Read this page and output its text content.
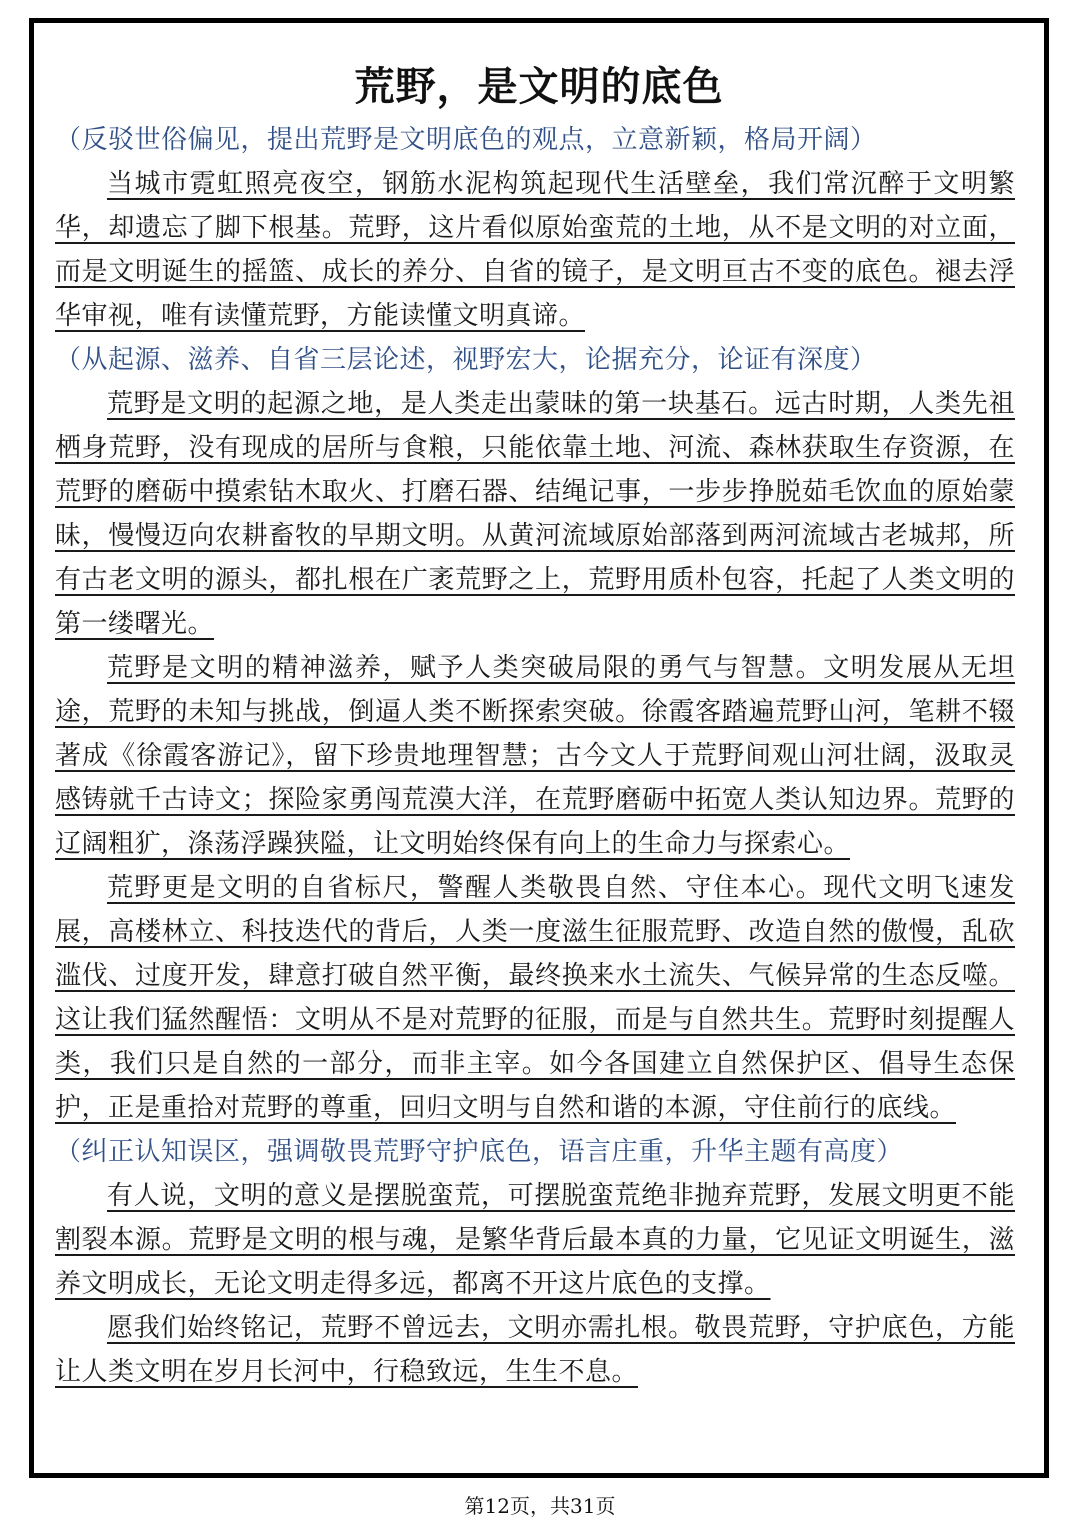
荒野，是文明的底色
（反驳世俗偏见，提出荒野是文明底色的观点，立意新颖，格局开阔）
当城市霓虹照亮夜空，钢筋水泥构筑起现代生活壁垒，我们常沉醉于文明繁华，却遗忘了脚下根基。荒野，这片看似原始蛮荒的土地，从不是文明的对立面，而是文明诞生的摇篮、成长的养分、自省的镜子，是文明亘古不变的底色。褪去浮华审视，唯有读懂荒野，方能读懂文明真谛。
（从起源、滋养、自省三层论述，视野宏大，论据充分，论证有深度）
荒野是文明的起源之地，是人类走出蒙昧的第一块基石。远古时期，人类先祖栖身荒野，没有现成的居所与食粮，只能依靠土地、河流、森林获取生存资源，在荒野的磨砺中摸索钻木取火、打磨石器、结绳记事，一步步挣脱茹毛饮血的原始蒙昧，慢慢迈向农耕畜牧的早期文明。从黄河流域原始部落到两河流域古老城邦，所有古老文明的源头，都扎根在广袤荒野之上，荒野用质朴包容，托起了人类文明的第一缕曙光。
荒野是文明的精神滋养，赋予人类突破局限的勇气与智慧。文明发展从无坦途，荒野的未知与挑战，倒逼人类不断探索突破。徐霞客踏遍荒野山河，笔耕不辍著成《徐霞客游记》，留下珍贵地理智慧；古今文人于荒野间观山河壮阔，汲取灵感铸就千古诗文；探险家勇闯荒漠大洋，在荒野磨砺中拓宽人类认知边界。荒野的辽阔粗犷，涤荡浮躁狭隘，让文明始终保有向上的生命力与探索心。
荒野更是文明的自省标尺，警醒人类敬畏自然、守住本心。现代文明飞速发展，高楼林立、科技迭代的背后，人类一度滋生征服荒野、改造自然的傲慢，乱砍滥伐、过度开发，肆意打破自然平衡，最终换来水土流失、气候异常的生态反噬。这让我们猛然醒悟：文明从不是对荒野的征服，而是与自然共生。荒野时刻提醒人类，我们只是自然的一部分，而非主宰。如今各国建立自然保护区、倡导生态保护，正是重拾对荒野的尊重，回归文明与自然和谐的本源，守住前行的底线。
（纠正认知误区，强调敬畏荒野守护底色，语言庄重，升华主题有高度）
有人说，文明的意义是摆脱蛮荒，可摆脱蛮荒绝非抛弃荒野，发展文明更不能割裂本源。荒野是文明的根与魂，是繁华背后最本真的力量，它见证文明诞生，滋养文明成长，无论文明走得多远，都离不开这片底色的支撑。
愿我们始终铭记，荒野不曾远去，文明亦需扎根。敬畏荒野，守护底色，方能让人类文明在岁月长河中，行稳致远，生生不息。
第12页，共31页
